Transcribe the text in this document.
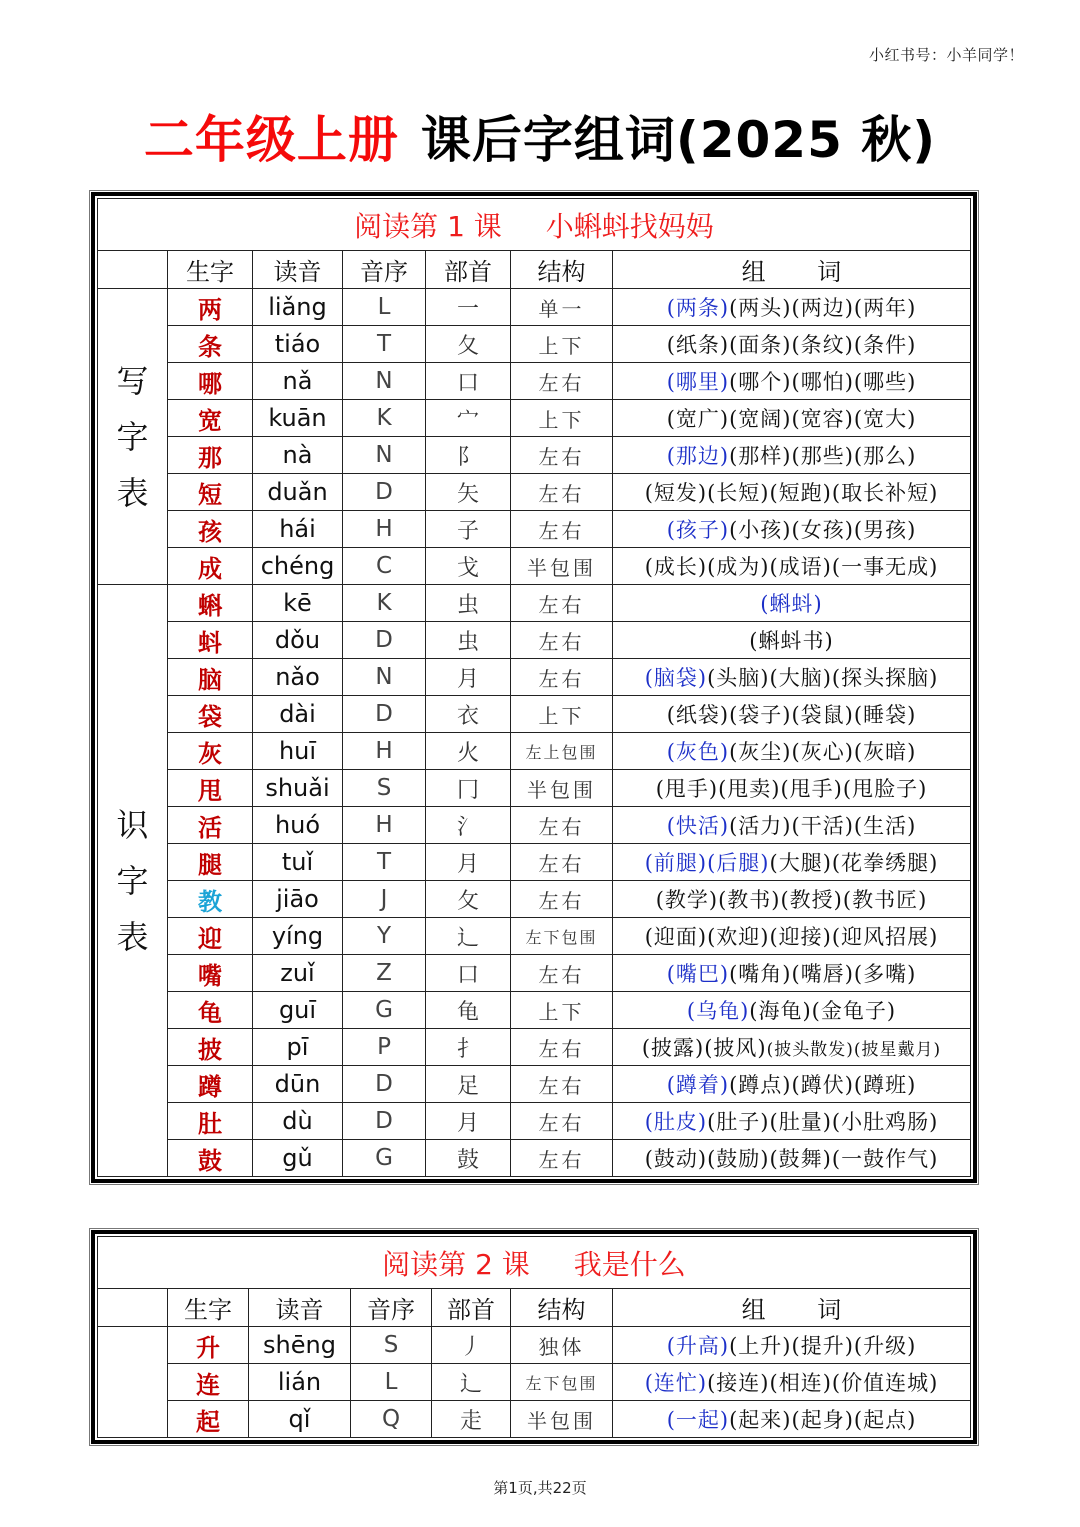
小红书号：小羊同学！
二年级上册 课后字组词(2025 秋)
阅读第 1 课 小蝌蚪找妈妈						
	生字	读音	音序	部首	结构	组 词

写
字
表	两	liǎng	L	一	单一	(两条)(两头)(两边)(两年)
	条	tiáo	T	夂	上下	(纸条)(面条)(条纹)(条件)
	哪	nǎ	N	口	左右	(哪里)(哪个)(哪怕)(哪些)
	宽	kuān	K	宀	上下	(宽广)(宽阔)(宽容)(宽大)
	那	nà	N	阝	左右	(那边)(那样)(那些)(那么)
	短	duǎn	D	矢	左右	(短发)(长短)(短跑)(取长补短)
	孩	hái	H	子	左右	(孩子)(小孩)(女孩)(男孩)
	成	chéng	C	戈	半包围	(成长)(成为)(成语)(一事无成)

识
字
表	蝌	kē	K	虫	左右	(蝌蚪)
	蚪	dǒu	D	虫	左右	(蝌蚪书)
	脑	nǎo	N	月	左右	(脑袋)(头脑)(大脑)(探头探脑)
	袋	dài	D	衣	上下	(纸袋)(袋子)(袋鼠)(睡袋)
	灰	huī	H	火	左上包围	(灰色)(灰尘)(灰心)(灰暗)
	甩	shuǎi	S	冂	半包围	(甩手)(甩卖)(甩手)(甩脸子)
	活	huó	H	氵	左右	(快活)(活力)(干活)(生活)
	腿	tuǐ	T	月	左右	(前腿)(后腿)(大腿)(花拳绣腿)
	教	jiāo	J	攵	左右	(教学)(教书)(教授)(教书匠)
	迎	yíng	Y	辶	左下包围	(迎面)(欢迎)(迎接)(迎风招展)
	嘴	zuǐ	Z	口	左右	(嘴巴)(嘴角)(嘴唇)(多嘴)
	龟	guī	G	龟	上下	(乌龟)(海龟)(金龟子)
	披	pī	P	扌	左右	(披露)(披风)(披头散发)(披星戴月)
	蹲	dūn	D	足	左右	(蹲着)(蹲点)(蹲伏)(蹲班)
	肚	dù	D	月	左右	(肚皮)(肚子)(肚量)(小肚鸡肠)
	鼓	gǔ	G	鼓	左右	(鼓动)(鼓励)(鼓舞)(一鼓作气)
阅读第 2 课 我是什么						
	生字	读音	音序	部首	结构	组 词
	升	shēng	S	丿	独体	(升高)(上升)(提升)(升级)
	连	lián	L	辶	左下包围	(连忙)(接连)(相连)(价值连城)
	起	qǐ	Q	走	半包围	(一起)(起来)(起身)(起点)
第1页,共22页
